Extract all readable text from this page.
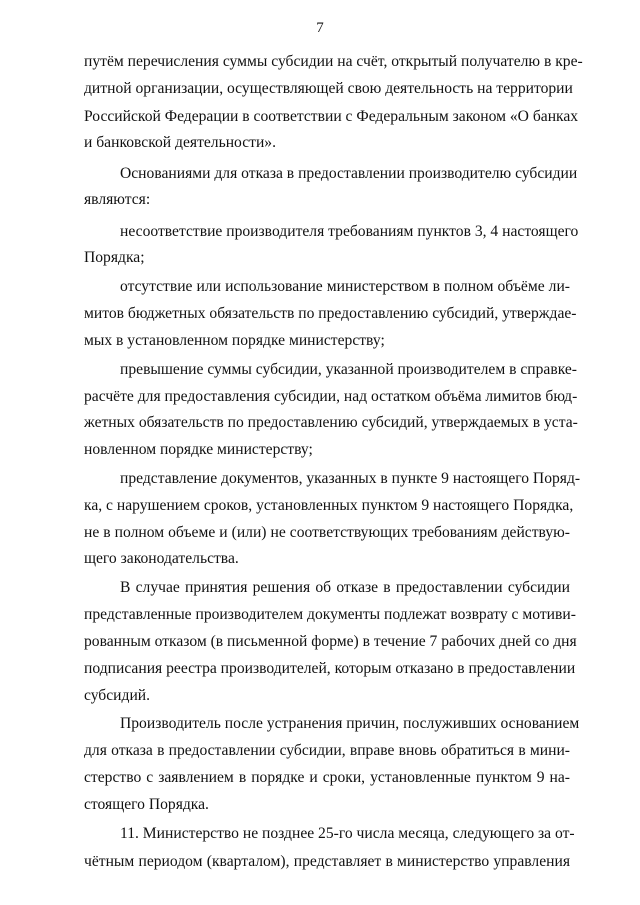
7
путём перечисления суммы субсидии на счёт, открытый получателю в кре-
дитной организации, осуществляющей свою деятельность на территории
Российской Федерации в соответствии с Федеральным законом «О банках
и банковской деятельности».
Основаниями для отказа в предоставлении производителю субсидии
являются:
несоответствие производителя требованиям пунктов 3, 4 настоящего
Порядка;
отсутствие или использование министерством в полном объёме ли-
митов бюджетных обязательств по предоставлению субсидий, утверждае-
мых в установленном порядке министерству;
превышение суммы субсидии, указанной производителем в справке-
расчёте для предоставления субсидии, над остатком объёма лимитов бюд-
жетных обязательств по предоставлению субсидий, утверждаемых в уста-
новленном порядке министерству;
представление документов, указанных в пункте 9 настоящего Поряд-
ка, с нарушением сроков, установленных пунктом 9 настоящего Порядка,
не в полном объеме и (или) не соответствующих требованиям действую-
щего законодательства.
В случае принятия решения об отказе в предоставлении субсидии
представленные производителем документы подлежат возврату с мотиви-
рованным отказом (в письменной форме) в течение 7 рабочих дней со дня
подписания реестра производителей, которым отказано в предоставлении
субсидий.
Производитель после устранения причин, послуживших основанием
для отказа в предоставлении субсидии, вправе вновь обратиться в мини-
стерство с заявлением в порядке и сроки, установленные пунктом 9 на-
стоящего Порядка.
11. Министерство не позднее 25-го числа месяца, следующего за от-
чётным периодом (кварталом), представляет в министерство управления
